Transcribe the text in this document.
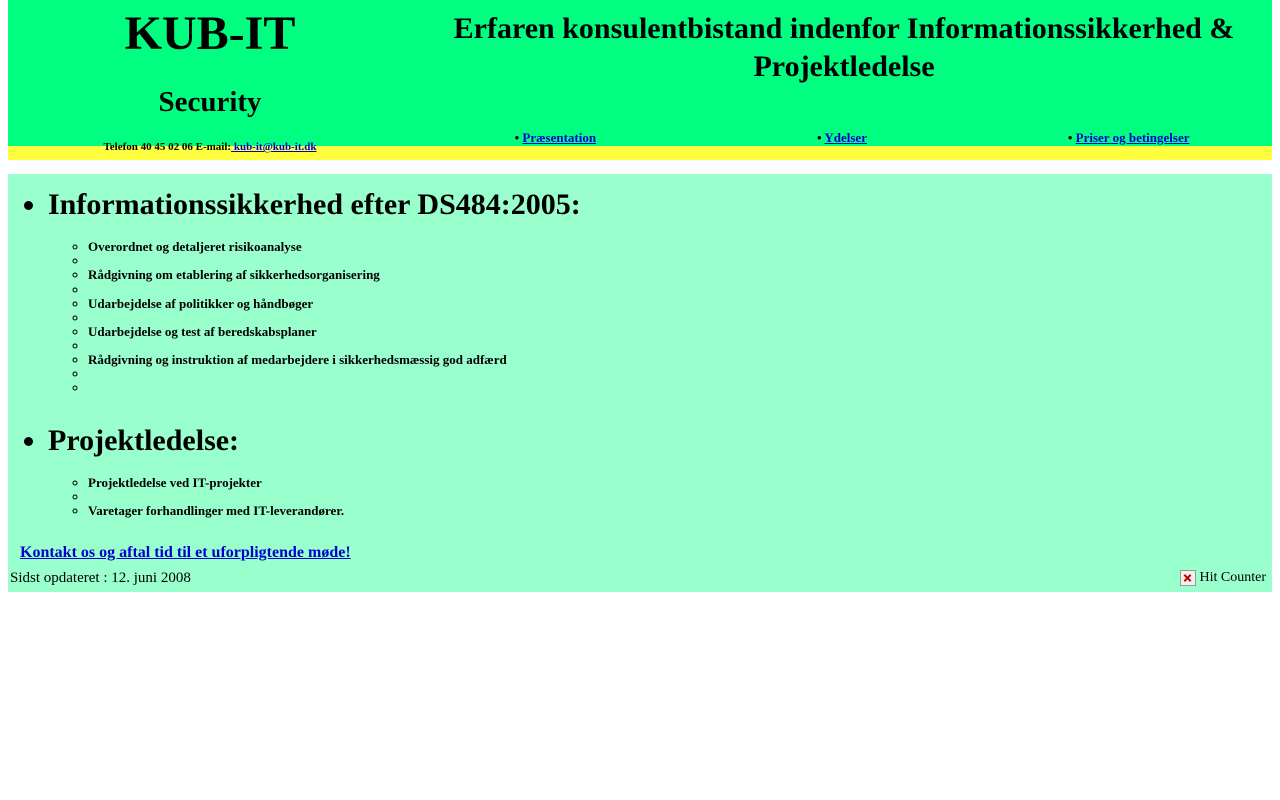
KUB-IT
Security
Telefon 40 45 02 06 E-mail: kub-it@kub-it.dk
Erfaren konsulentbistand indenfor Informationssikkerhed & Projektledelse
• Præsentation	• Ydelser	• Priser og betingelser
• Informationssikkerhed efter DS484:2005:
◦ Overordnet og detaljeret risikoanalyse
◦
◦ Rådgivning om etablering af sikkerhedsorganisering
◦
◦ Udarbejdelse af politikker og håndbøger
◦
◦ Udarbejdelse og test af beredskabsplaner
◦
◦ Rådgivning og instruktion af medarbejdere i sikkerhedsmæssig god adfærd
◦
◦
• Projektledelse:
◦ Projektledelse ved IT-projekter
◦
◦ Varetager forhandlinger med IT-leverandører.

Kontakt os og aftal tid til et uforpligtende møde!

Sidst opdateret : 12. juni 2008	Hit Counter
